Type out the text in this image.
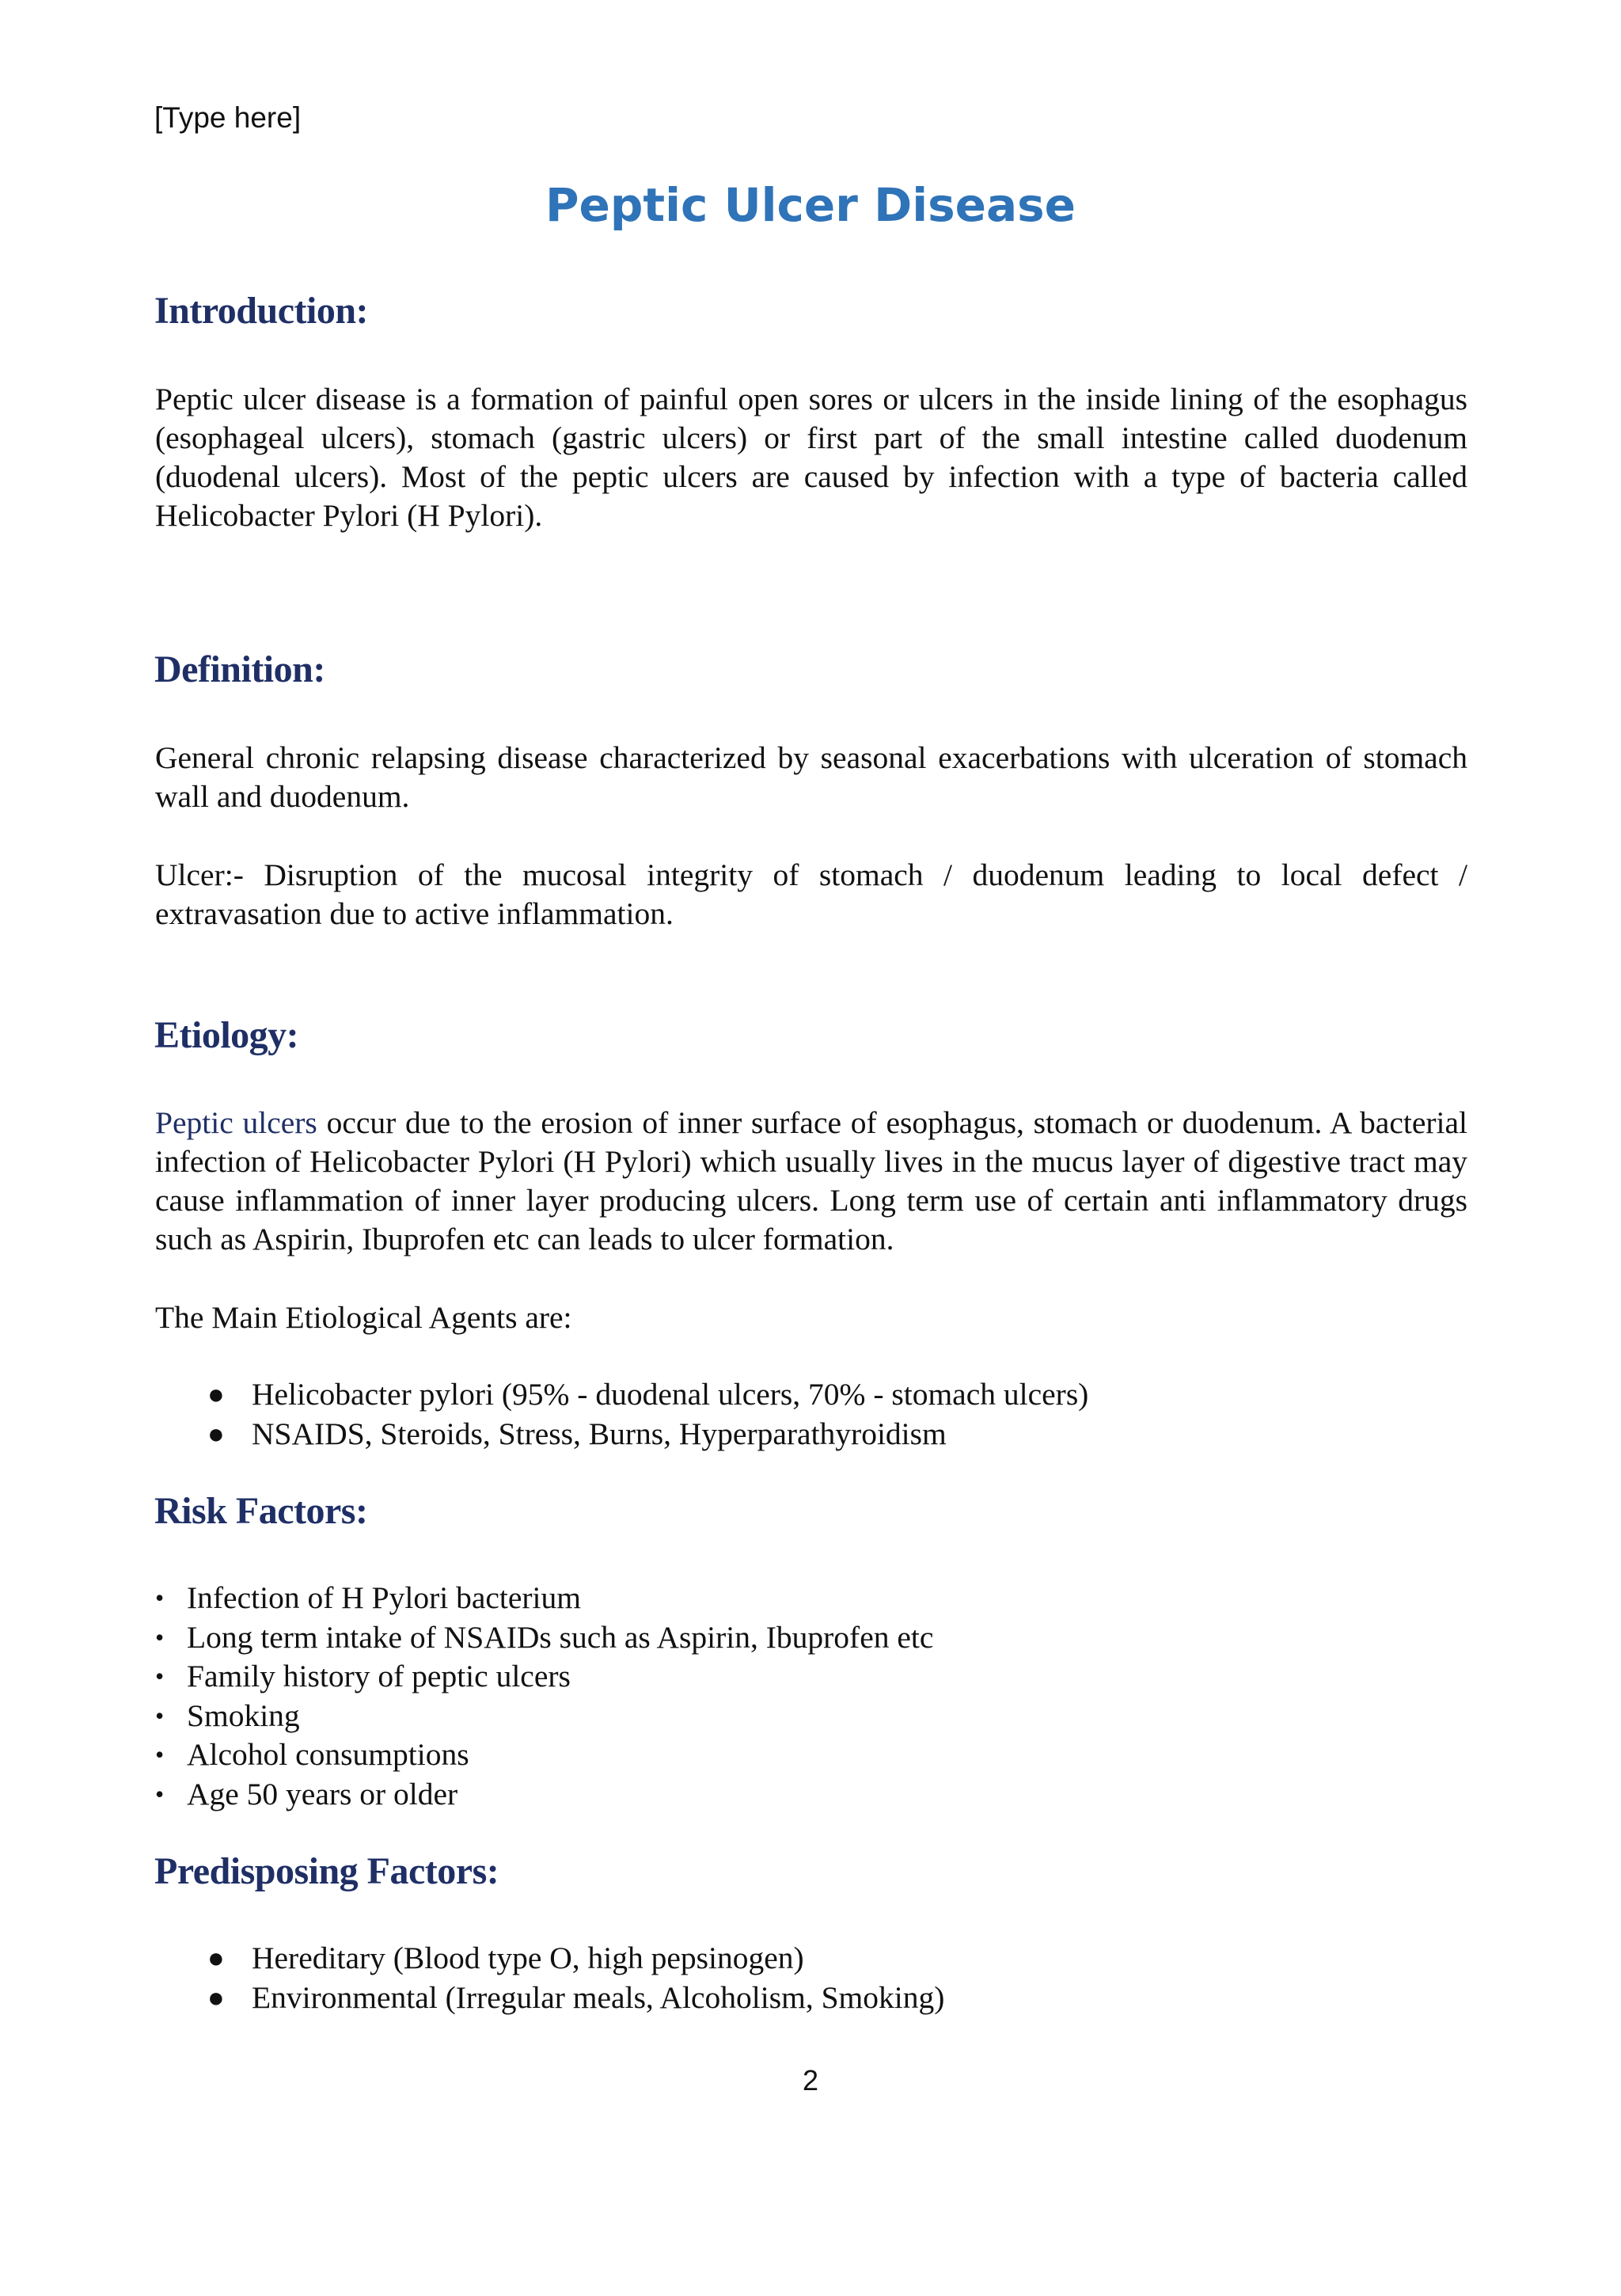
[Type here]
Peptic Ulcer Disease
Introduction:

Peptic ulcer disease is a formation of painful open sores or ulcers in the inside lining of the esophagus (esophageal ulcers), stomach (gastric ulcers) or first part of the small intestine called duodenum (duodenal ulcers). Most of the peptic ulcers are caused by infection with a type of bacteria called Helicobacter Pylori (H Pylori).

Definition:

General chronic relapsing disease characterized by seasonal exacerbations with ulceration of stomach wall and duodenum.

Ulcer:- Disruption of the mucosal integrity of stomach / duodenum leading to local defect / extravasation due to active inflammation.

Etiology:

Peptic ulcers occur due to the erosion of inner surface of esophagus, stomach or duodenum. A bacterial infection of Helicobacter Pylori (H Pylori) which usually lives in the mucus layer of digestive tract may cause inflammation of inner layer producing ulcers. Long term use of certain anti inflammatory drugs such as Aspirin, Ibuprofen etc can leads to ulcer formation.

The Main Etiological Agents are:

● Helicobacter pylori (95% - duodenal ulcers, 70% - stomach ulcers)
● NSAIDS, Steroids, Stress, Burns, Hyperparathyroidism
Risk Factors:
• Infection of H Pylori bacterium
• Long term intake of NSAIDs such as Aspirin, Ibuprofen etc
• Family history of peptic ulcers
• Smoking
• Alcohol consumptions
• Age 50 years or older
Predisposing Factors:
● Hereditary (Blood type O, high pepsinogen)
● Environmental (Irregular meals, Alcoholism, Smoking)
2
